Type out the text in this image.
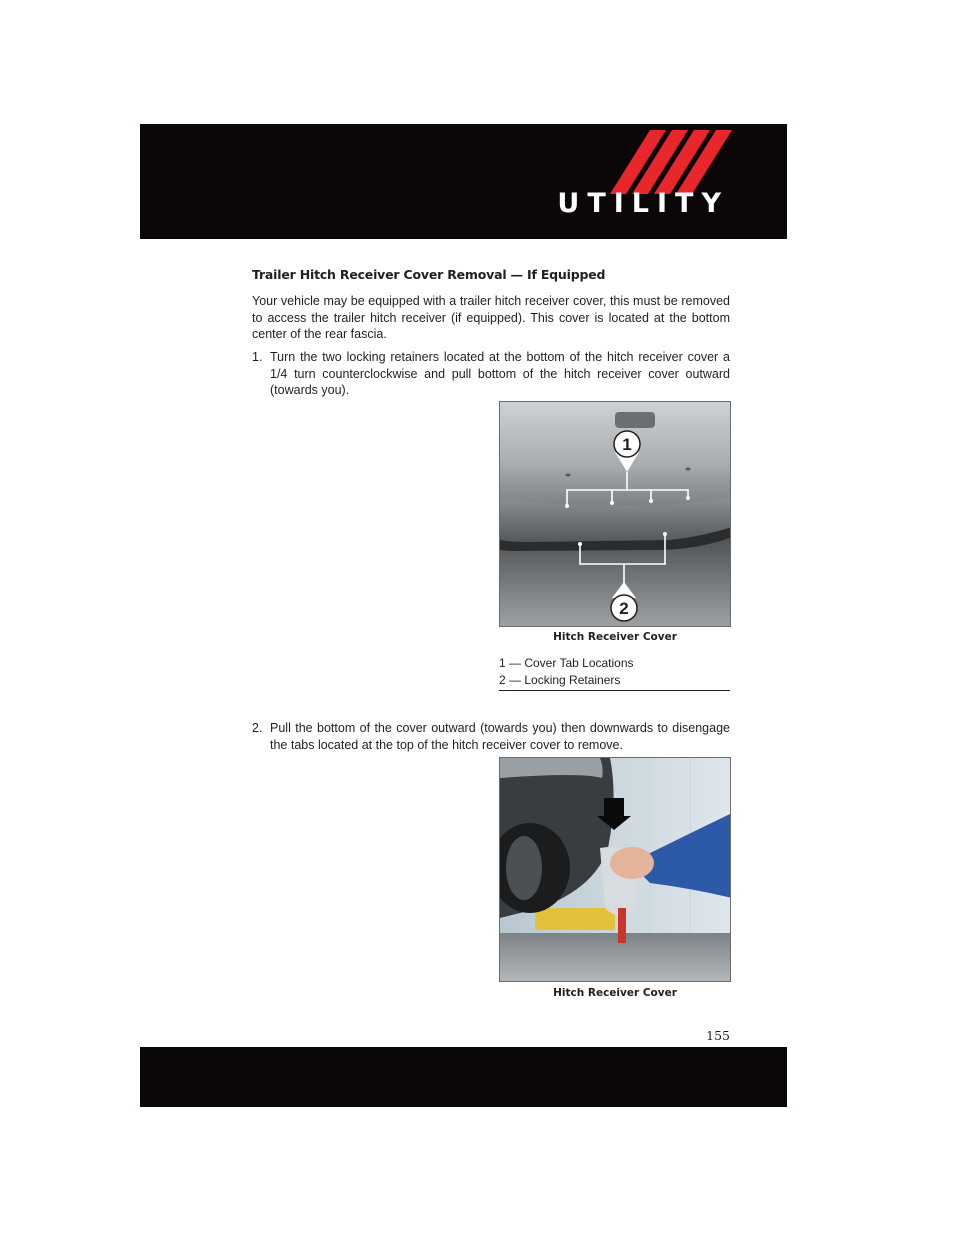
UTILITY
Trailer Hitch Receiver Cover Removal — If Equipped
Your vehicle may be equipped with a trailer hitch receiver cover, this must be removed to access the trailer hitch receiver (if equipped). This cover is located at the bottom center of the rear fascia.
1. Turn the two locking retainers located at the bottom of the hitch receiver cover a 1/4 turn counterclockwise and pull bottom of the hitch receiver cover outward (towards you).
1
2
Hitch Receiver Cover
1 — Cover Tab Locations
2 — Locking Retainers
2. Pull the bottom of the cover outward (towards you) then downwards to disengage the tabs located at the top of the hitch receiver cover to remove.
Hitch Receiver Cover
155
